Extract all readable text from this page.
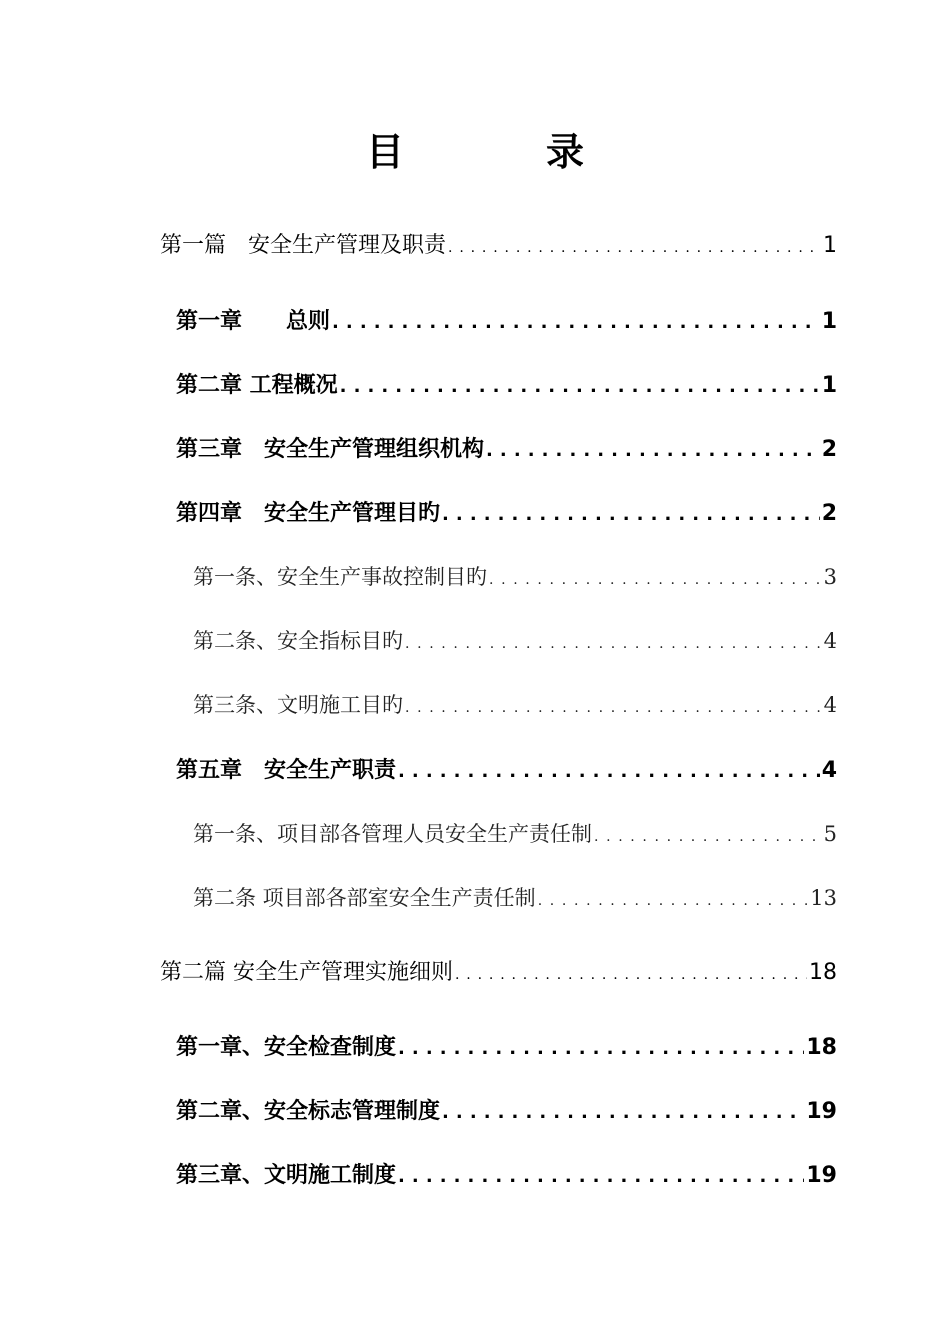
目　录
第一篇　安全生产管理及职责 . . .	1
第一章　　总则 . . .	1
第二章 工程概况 . . .	1
第三章　安全生产管理组织机构 . . .	2
第四章　安全生产管理目旳 . . .	2
第一条、安全生产事故控制目旳 . . .	3
第二条、安全指标目旳 . . .	4
第三条、文明施工目旳 . . .	4
第五章　安全生产职责 . . .	4
第一条、项目部各管理人员安全生产责任制 . . .	5
第二条 项目部各部室安全生产责任制 . . .	13
第二篇 安全生产管理实施细则 . . .	18
第一章、安全检查制度 . . .	18
第二章、安全标志管理制度 . . .	19
第三章、文明施工制度 . . .	19
